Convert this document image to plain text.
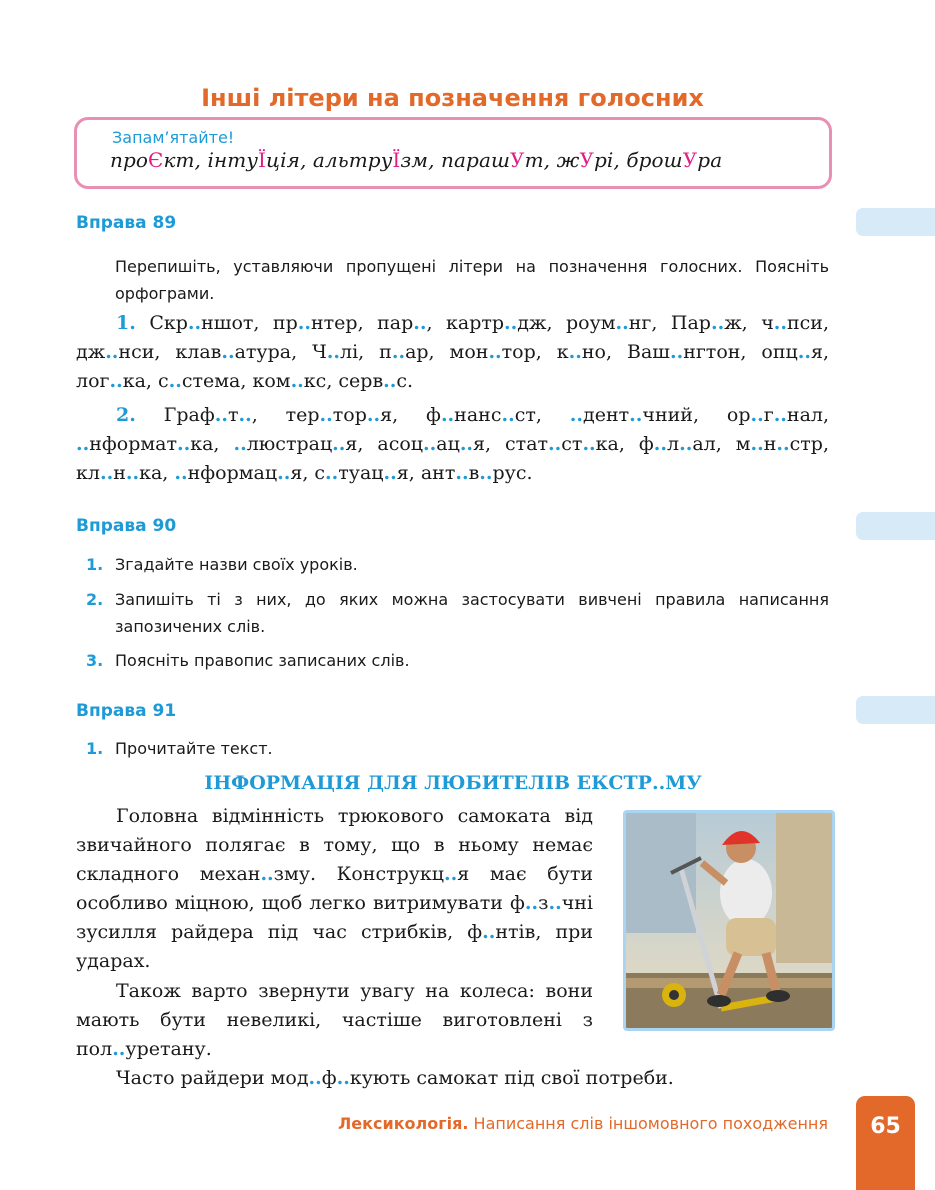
Інші літери на позначення голосних
Запам’ятайте!
проЄкт, інтуЇція, альтруЇзм, парашУт, жУрі, брошУра
Вправа 89
Перепишіть, уставляючи пропущені літери на позначення голосних. Поясніть орфограми.
1. Скр..ншот, пр..нтер, пар.., картр..дж, роум..нг, Пар..ж, ч..пси, дж..нси, клав..атура, Ч..лі, п..ар, мон..тор, к..но, Ваш..нгтон, опц..я, лог..ка, с..стема, ком..кс, серв..с.
2. Граф..т.., тер..тор..я, ф..нанс..ст, ..дент..чний, ор..г..нал, ..нформат..ка, ..люстрац..я, асоц..ац..я, стат..ст..ка, ф..л..ал, м..н..стр, кл..н..ка, ..нформац..я, с..туац..я, ант..в..рус.
Вправа 90
1. Згадайте назви своїх уроків.
2. Запишіть ті з них, до яких можна застосувати вивчені правила написання запозичених слів.
3. Поясніть правопис записаних слів.
Вправа 91
1. Прочитайте текст.
ІНФОРМАЦІЯ ДЛЯ ЛЮБИТЕЛІВ ЕКСТР..МУ
Головна відмінність трюкового самоката від звичайного полягає в тому, що в ньому немає складного механ..зму. Конструкц..я має бути особливо міцною, щоб легко витримувати ф..з..чні зусилля райдера під час стрибків, ф..нтів, при ударах.
Також варто звернути увагу на колеса: вони мають бути невеликі, частіше виготовлені з пол..уретану.
Часто райдери мод..ф..кують самокат під свої потреби.
Лексикологія. Написання слів іншомовного походження	65
